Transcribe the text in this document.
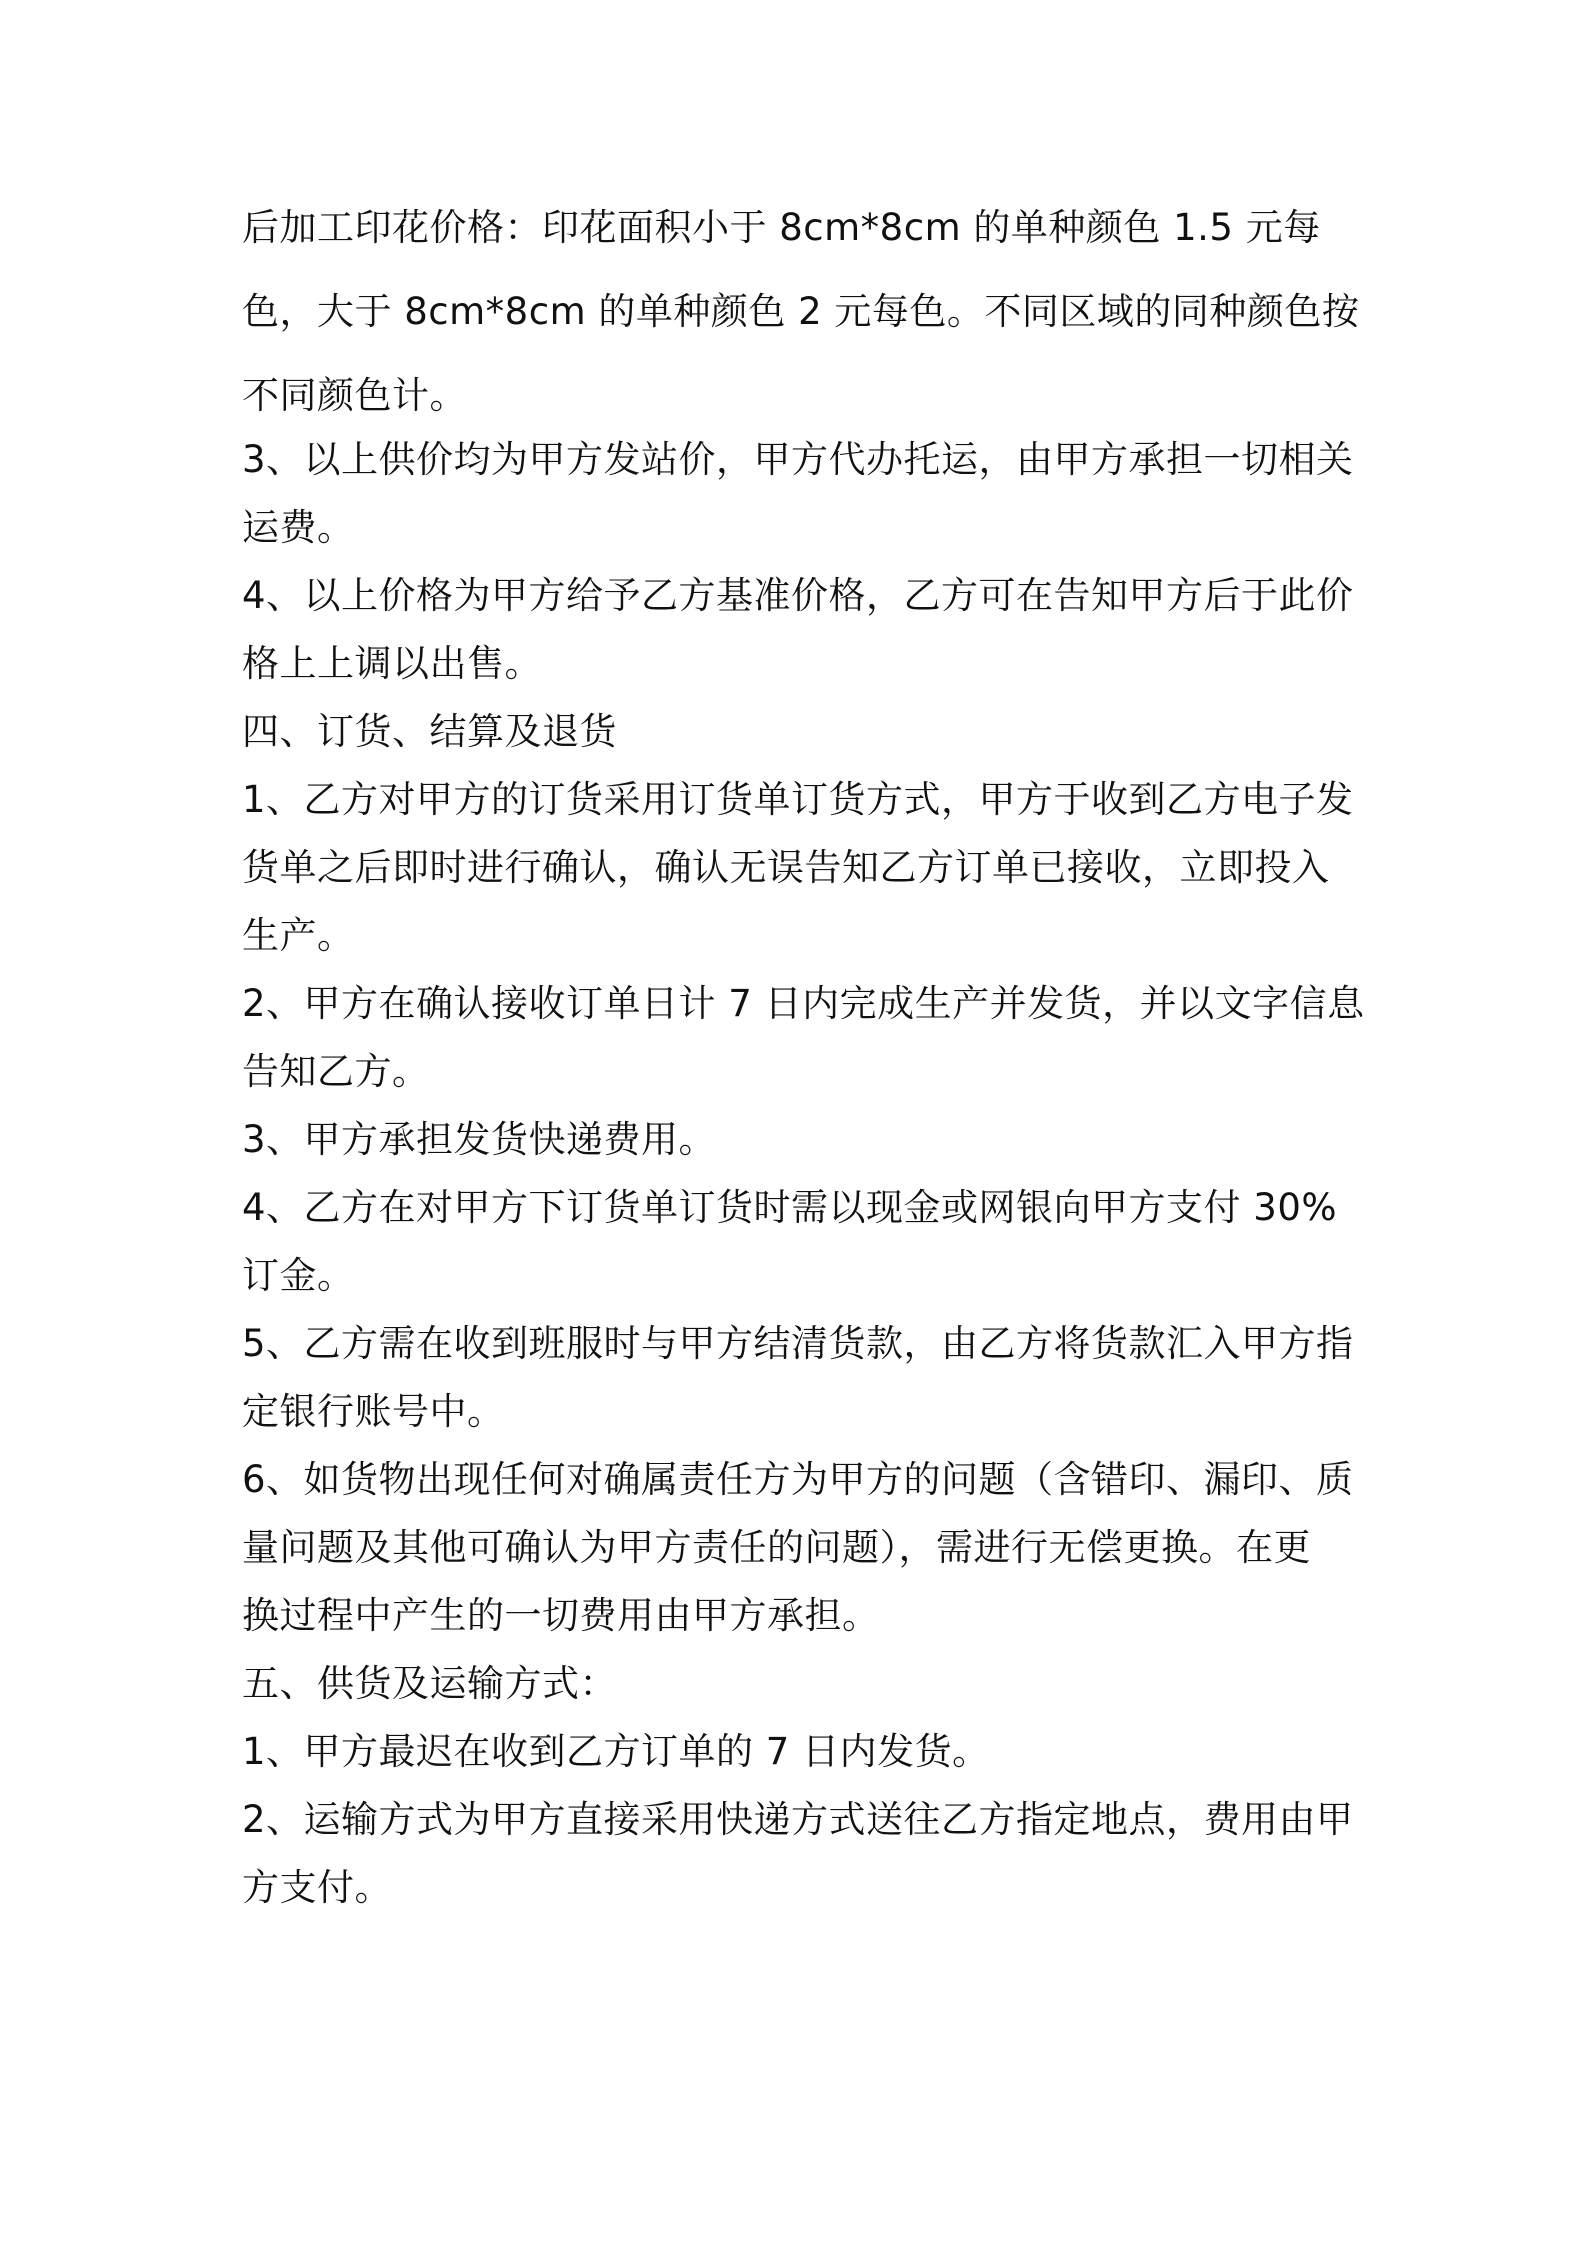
后加工印花价格：印花面积小于 8cm*8cm 的单种颜色 1.5 元每
色，大于 8cm*8cm 的单种颜色 2 元每色。不同区域的同种颜色按
不同颜色计。
3、以上供价均为甲方发站价，甲方代办托运，由甲方承担一切相关
运费。
4、以上价格为甲方给予乙方基准价格，乙方可在告知甲方后于此价
格上上调以出售。
四、订货、结算及退货
1、乙方对甲方的订货采用订货单订货方式，甲方于收到乙方电子发
货单之后即时进行确认，确认无误告知乙方订单已接收，立即投入
生产。
2、甲方在确认接收订单日计 7 日内完成生产并发货，并以文字信息
告知乙方。
3、甲方承担发货快递费用。
4、乙方在对甲方下订货单订货时需以现金或网银向甲方支付 30%
订金。
5、乙方需在收到班服时与甲方结清货款，由乙方将货款汇入甲方指
定银行账号中。
6、如货物出现任何对确属责任方为甲方的问题（含错印、漏印、质
量问题及其他可确认为甲方责任的问题），需进行无偿更换。在更
换过程中产生的一切费用由甲方承担。
五、供货及运输方式：
1、甲方最迟在收到乙方订单的 7 日内发货。
2、运输方式为甲方直接采用快递方式送往乙方指定地点，费用由甲
方支付。
